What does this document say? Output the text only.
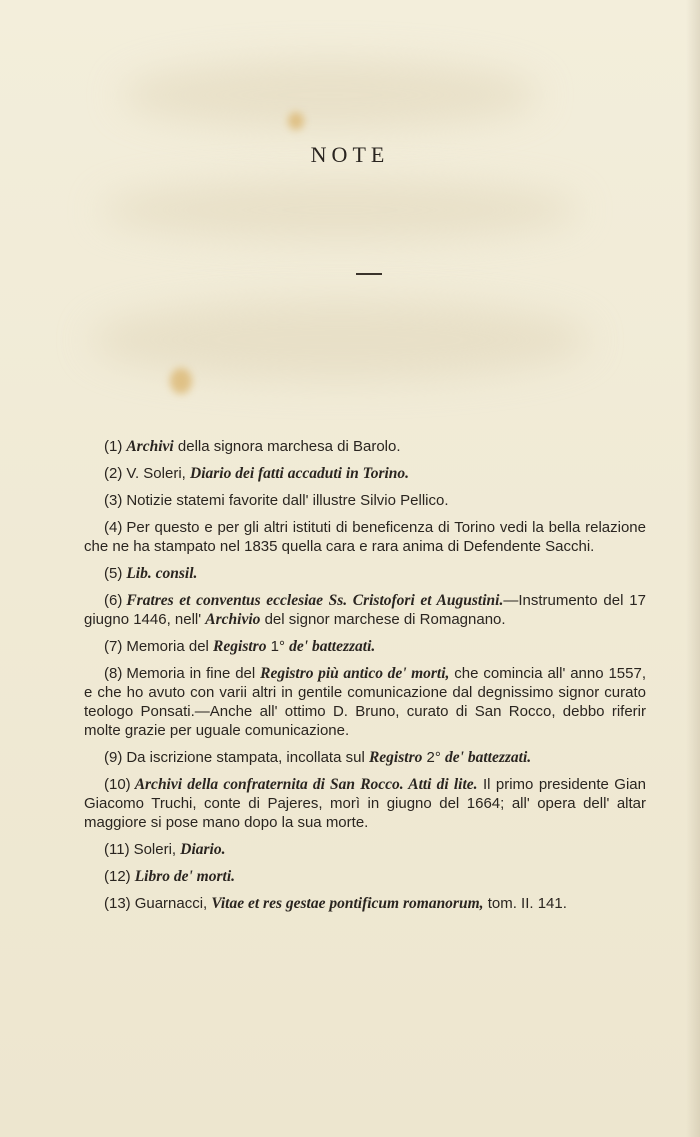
NOTE

(1) Archivi della signora marchesa di Barolo.

(2) V. Soleri, Diario dei fatti accaduti in Torino.

(3) Notizie statemi favorite dall' illustre Silvio Pellico.

(4) Per questo e per gli altri istituti di beneficenza di Torino vedi la bella relazione che ne ha stampato nel 1835 quella cara e rara anima di Defendente Sacchi.

(5) Lib. consil.

(6) Fratres et conventus ecclesiae Ss. Cristofori et Augustini.—Instrumento del 17 giugno 1446, nell' Archivio del signor marchese di Romagnano.

(7) Memoria del Registro 1° de' battezzati.

(8) Memoria in fine del Registro più antico de' morti, che comincia all' anno 1557, e che ho avuto con varii altri in gentile comunicazione dal degnissimo signor curato teologo Ponsati.—Anche all' ottimo D. Bruno, curato di San Rocco, debbo riferir molte grazie per uguale comunicazione.

(9) Da iscrizione stampata, incollata sul Registro 2° de' battezzati.

(10) Archivi della confraternita di San Rocco. Atti di lite. Il primo presidente Gian Giacomo Truchi, conte di Pajeres, morì in giugno del 1664; all' opera dell' altar maggiore si pose mano dopo la sua morte.

(11) Soleri, Diario.

(12) Libro de' morti.

(13) Guarnacci, Vitae et res gestae pontificum romanorum, tom. II. 141.
